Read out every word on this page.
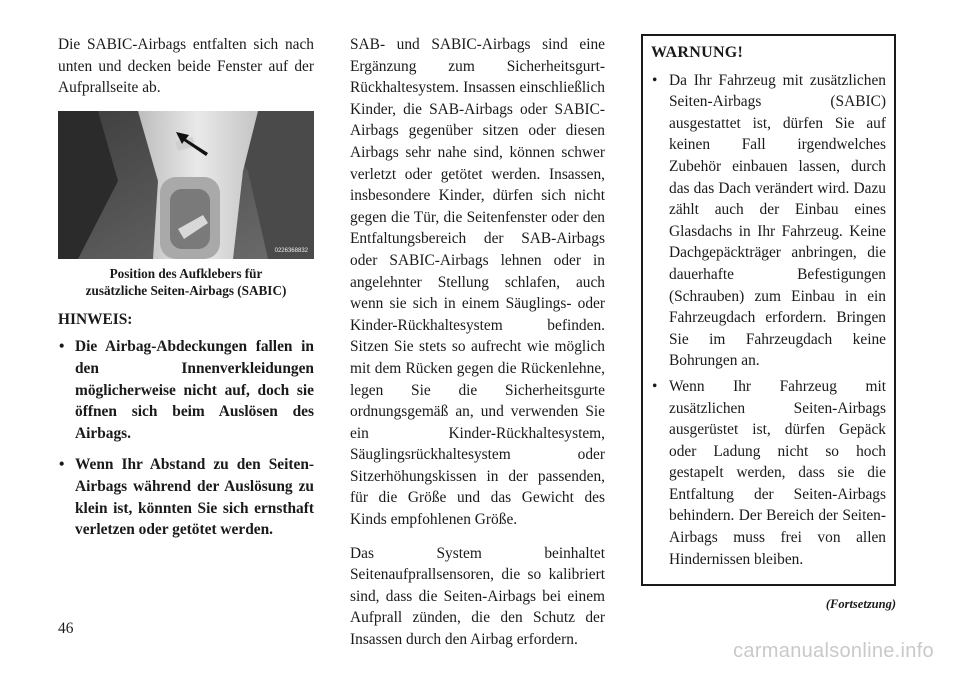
Die SABIC-Airbags entfalten sich nach unten und decken beide Fenster auf der Aufprallseite ab.

0226368832
Position des Aufklebers für
zusätzliche Seiten-Airbags (SABIC)
HINWEIS:
• Die Airbag-Abdeckungen fallen in den Innenverkleidungen möglicherweise nicht auf, doch sie öffnen sich beim Auslösen des Airbags.
• Wenn Ihr Abstand zu den Seiten-Airbags während der Auslösung zu klein ist, könnten Sie sich ernsthaft verletzen oder getötet werden.

SAB- und SABIC-Airbags sind eine Ergänzung zum Sicherheitsgurt-Rückhaltesystem. Insassen einschließlich Kinder, die SAB-Airbags oder SABIC-Airbags gegenüber sitzen oder diesen Airbags sehr nahe sind, können schwer verletzt oder getötet werden. Insassen, insbesondere Kinder, dürfen sich nicht gegen die Tür, die Seitenfenster oder den Entfaltungsbereich der SAB-Airbags oder SABIC-Airbags lehnen oder in angelehnter Stellung schlafen, auch wenn sie sich in einem Säuglings- oder Kinder-Rückhaltesystem befinden. Sitzen Sie stets so aufrecht wie möglich mit dem Rücken gegen die Rückenlehne, legen Sie die Sicherheitsgurte ordnungsgemäß an, und verwenden Sie ein Kinder-Rückhaltesystem, Säuglingsrückhaltesystem oder Sitzerhöhungskissen in der passenden, für die Größe und das Gewicht des Kinds empfohlenen Größe.

Das System beinhaltet Seitenaufprallsensoren, die so kalibriert sind, dass die Seiten-Airbags bei einem Aufprall zünden, die den Schutz der Insassen durch den Airbag erfordern.

WARNUNG!
• Da Ihr Fahrzeug mit zusätzlichen Seiten-Airbags (SABIC) ausgestattet ist, dürfen Sie auf keinen Fall irgendwelches Zubehör einbauen lassen, durch das das Dach verändert wird. Dazu zählt auch der Einbau eines Glasdachs in Ihr Fahrzeug. Keine Dachgepäckträger anbringen, die dauerhafte Befestigungen (Schrauben) zum Einbau in ein Fahrzeugdach erfordern. Bringen Sie im Fahrzeugdach keine Bohrungen an.
• Wenn Ihr Fahrzeug mit zusätzlichen Seiten-Airbags ausgerüstet ist, dürfen Gepäck oder Ladung nicht so hoch gestapelt werden, dass sie die Entfaltung der Seiten-Airbags behindern. Der Bereich der Seiten-Airbags muss frei von allen Hindernissen bleiben.
(Fortsetzung)
46
carmanualsonline.info
